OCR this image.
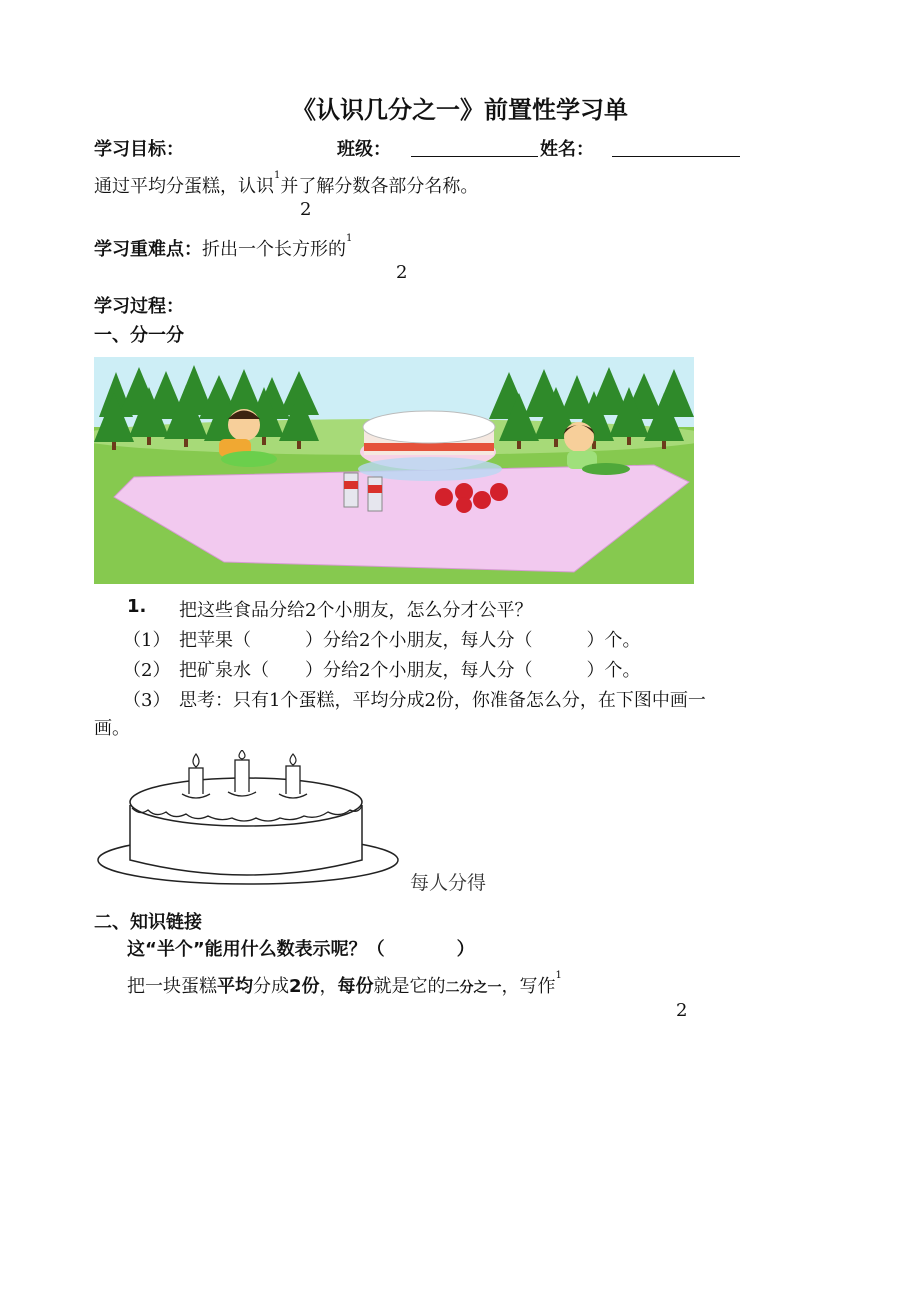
《认识几分之一》前置性学习单
学习目标：	班级：	姓名：
通过平均分蛋糕，认识$^1$并了解分数各部分名称。
2
学习重难点：折出一个长方形的$^1$
2
学习过程：
一、分一分
1. 把这些食品分给2个小朋友，怎么分才公平？
（1） 把苹果（　　　）分给2个小朋友，每人分（　　　）个。
（2） 把矿泉水（　　）分给2个小朋友，每人分（　　　）个。
（3） 思考：只有1个蛋糕，平均分成2份，你准备怎么分，在下图中画一
画。
每人分得
二、知识链接
这“半个”能用什么数表示呢？（　　　　）
把一块蛋糕平均分成2份，每份就是它的二分之一，写作$^1$
2
